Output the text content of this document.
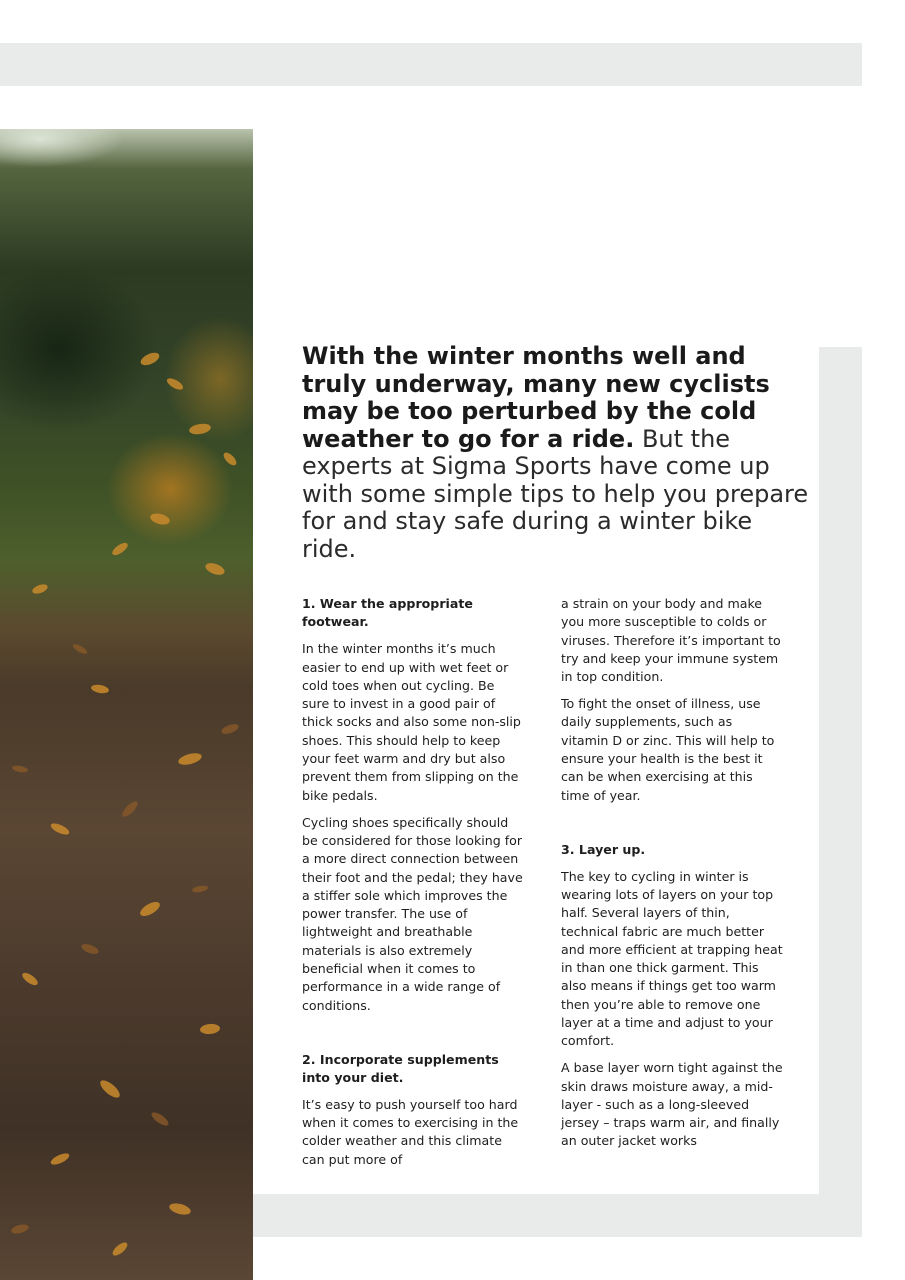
With the winter months well and truly underway, many new cyclists may be too perturbed by the cold weather to go for a ride. But the experts at Sigma Sports have come up with some simple tips to help you prepare for and stay safe during a winter bike ride.

1. Wear the appropriate footwear.

In the winter months it’s much easier to end up with wet feet or cold toes when out cycling. Be sure to invest in a good pair of thick socks and also some non-slip shoes. This should help to keep your feet warm and dry but also prevent them from slipping on the bike pedals.

Cycling shoes specifically should be considered for those looking for a more direct connection between their foot and the pedal; they have a stiffer sole which improves the power transfer. The use of lightweight and breathable materials is also extremely beneficial when it comes to performance in a wide range of conditions.

2. Incorporate supplements into your diet.

It’s easy to push yourself too hard when it comes to exercising in the colder weather and this climate can put more of

a strain on your body and make you more susceptible to colds or viruses. Therefore it’s important to try and keep your immune system in top condition.

To fight the onset of illness, use daily supplements, such as vitamin D or zinc. This will help to ensure your health is the best it can be when exercising at this time of year.

3. Layer up.

The key to cycling in winter is wearing lots of layers on your top half. Several layers of thin, technical fabric are much better and more efficient at trapping heat in than one thick garment. This also means if things get too warm then you’re able to remove one layer at a time and adjust to your comfort.

A base layer worn tight against the skin draws moisture away, a mid-layer - such as a long-sleeved jersey – traps warm air, and finally an outer jacket works
